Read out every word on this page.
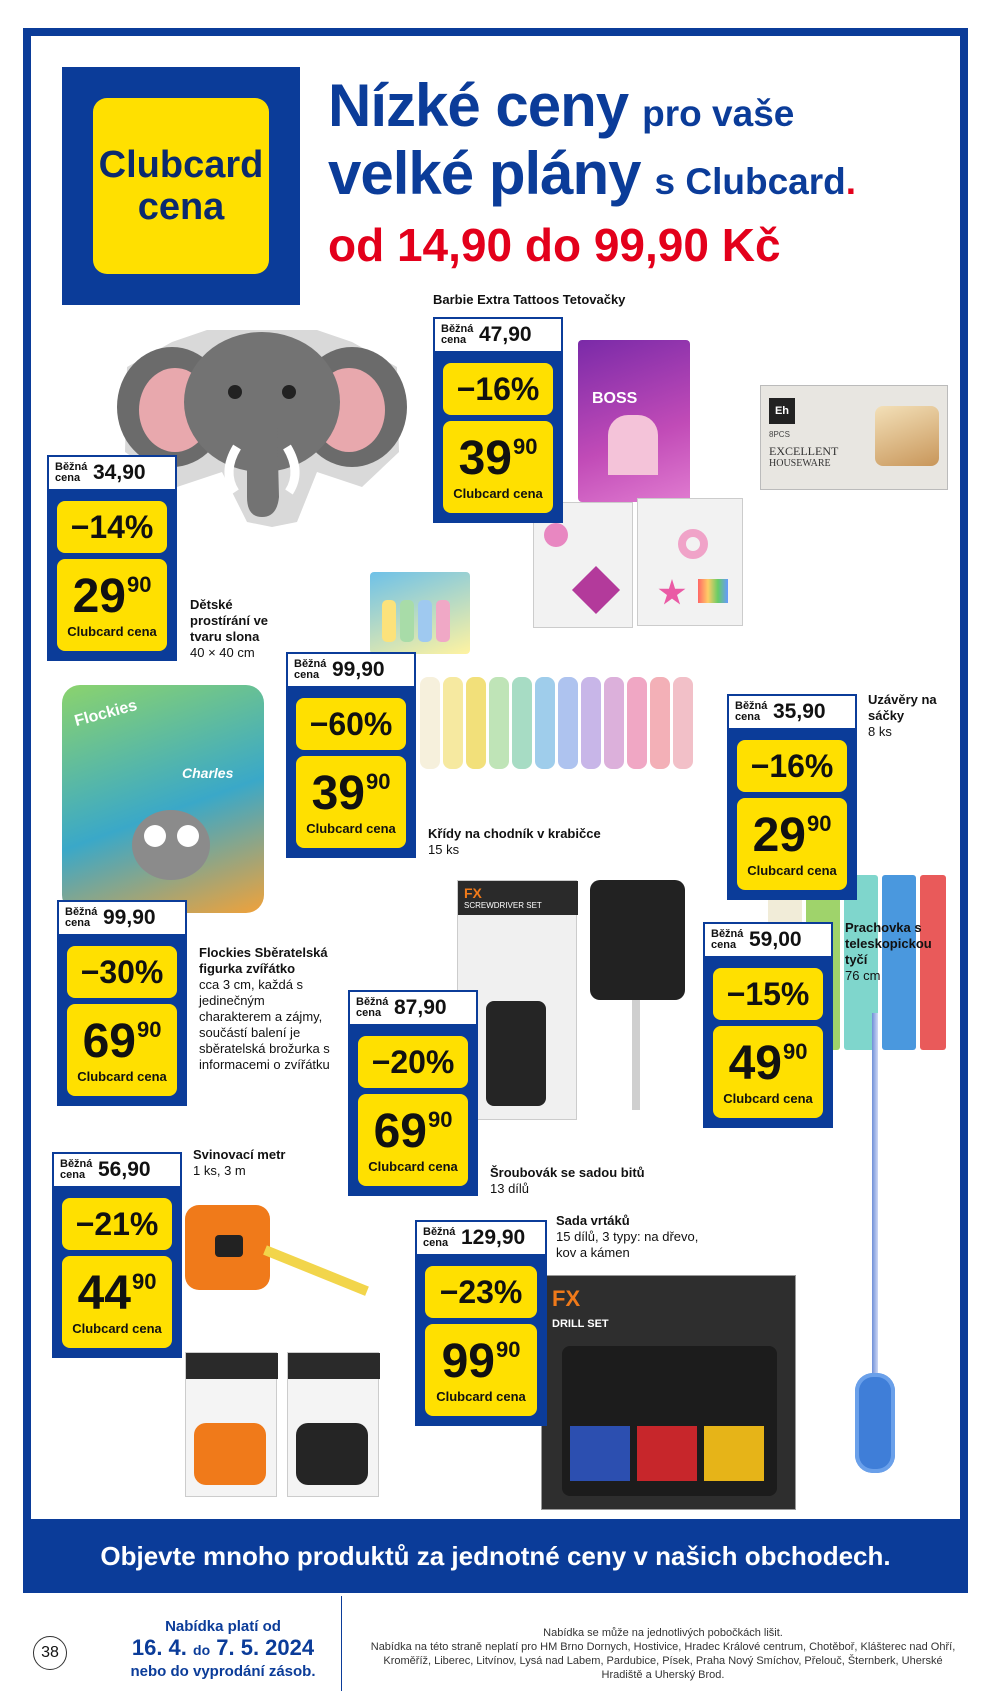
Clubcard
cena
Nízké ceny pro vaše
velké plány s Clubcard .
od 14,90 do 99,90 Kč
BOSS
Eh
8PCS
EXCELLENT
HOUSEWARE
Flockies
Charles
FX
SCREWDRIVER SET
FX
DRILL SET
Běžná
cena 34,90
−14%
29 90
Clubcard cena
Dětské prostírání ve tvaru slona
40 × 40 cm
Běžná
cena 47,90
−16%
39 90
Clubcard cena
Barbie Extra Tattoos Tetovačky
Běžná
cena 99,90
−60%
39 90
Clubcard cena Křídy na chodník v krabičce
15 ks
Běžná
cena 35,90
−16%
29 90
Clubcard cena
Uzávěry na sáčky
8 ks
Běžná
cena 99,90
−30%
69 90
Clubcard cena
Flockies Sběratelská figurka zvířátko
cca 3 cm, každá s jedinečným charakterem a zájmy, součástí balení je sběratelská brožurka s informacemi o zvířátku
Běžná
cena 59,00
−15%
49 90
Clubcard cena
Prachovka s teleskopickou tyčí
76 cm
Běžná
cena 87,90
−20%
69 90
Clubcard cena Šroubovák se sadou bitů
13 dílů
Běžná
cena 56,90
−21%
44 90
Clubcard cena
Svinovací metr
1 ks, 3 m
Běžná
cena 129,90
−23%
99 90
Clubcard cena
Sada vrtáků
15 dílů, 3 typy: na dřevo, kov a kámen
Objevte mnoho produktů za jednotné ceny v našich obchodech.
38
Nabídka platí od
16. 4. do 7. 5. 2024
nebo do vyprodání zásob.
Nabídka se může na jednotlivých pobočkách lišit.
Nabídka na této straně neplatí pro HM Brno Dornych, Hostivice, Hradec Králové centrum, Chotěboř, Klášterec nad Ohří, Kroměříž, Liberec, Litvínov, Lysá nad Labem, Pardubice, Písek, Praha Nový Smíchov, Přelouč, Šternberk, Uherské Hradiště a Uherský Brod.
